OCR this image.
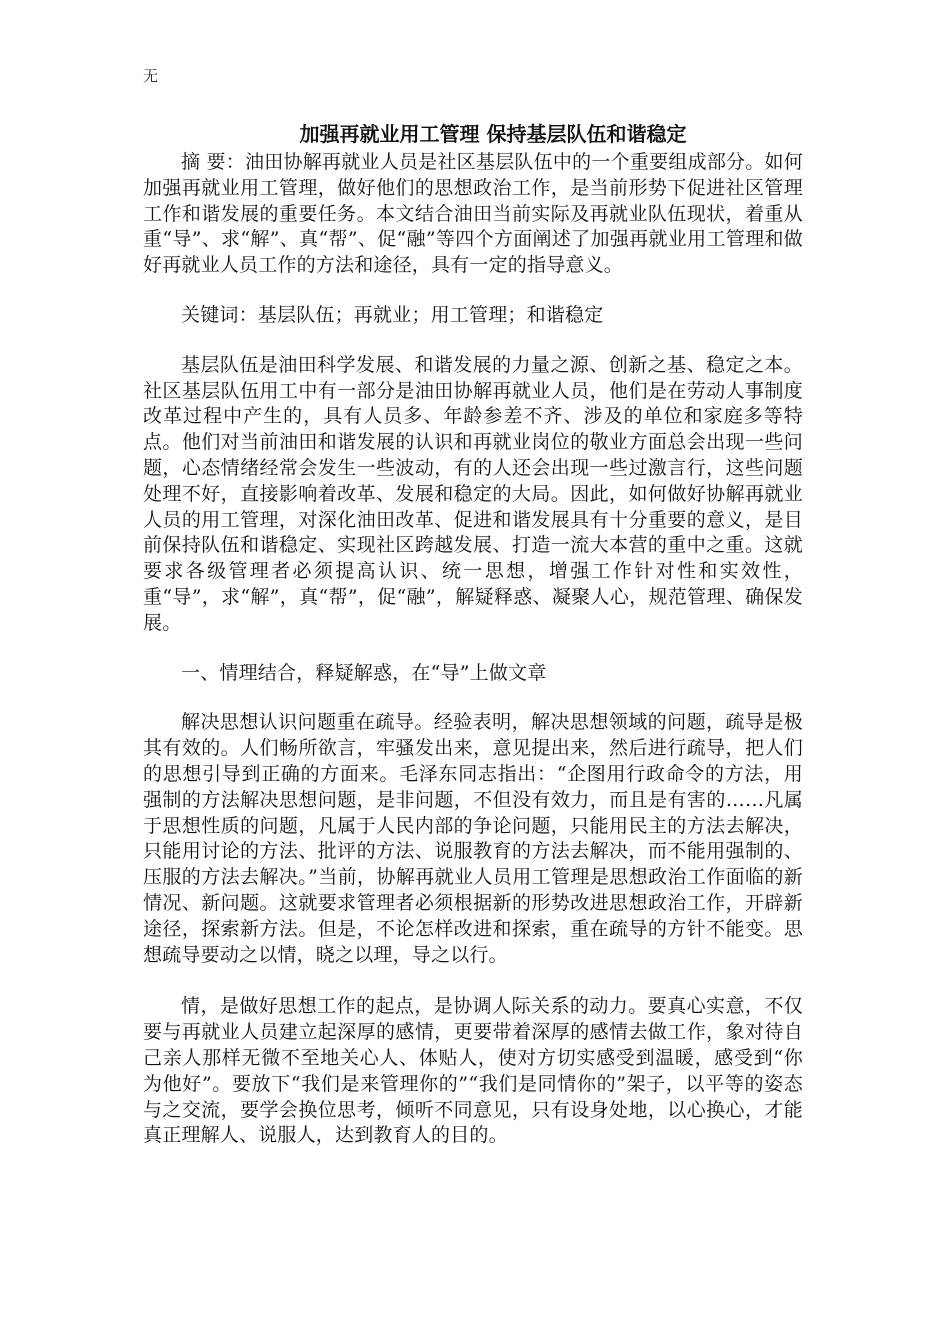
无
加强再就业用工管理 保持基层队伍和谐稳定

摘 要：油田协解再就业人员是社区基层队伍中的一个重要组成部分。如何加强再就业用工管理，做好他们的思想政治工作，是当前形势下促进社区管理工作和谐发展的重要任务。本文结合油田当前实际及再就业队伍现状，着重从重“导”、求“解”、真“帮”、促“融”等四个方面阐述了加强再就业用工管理和做好再就业人员工作的方法和途径，具有一定的指导意义。

关键词：基层队伍；再就业；用工管理；和谐稳定

基层队伍是油田科学发展、和谐发展的力量之源、创新之基、稳定之本。社区基层队伍用工中有一部分是油田协解再就业人员，他们是在劳动人事制度改革过程中产生的，具有人员多、年龄参差不齐、涉及的单位和家庭多等特点。他们对当前油田和谐发展的认识和再就业岗位的敬业方面总会出现一些问题，心态情绪经常会发生一些波动，有的人还会出现一些过激言行，这些问题处理不好，直接影响着改革、发展和稳定的大局。因此，如何做好协解再就业人员的用工管理，对深化油田改革、促进和谐发展具有十分重要的意义，是目前保持队伍和谐稳定、实现社区跨越发展、打造一流大本营的重中之重。这就要求各级管理者必须提高认识、统一思想，增强工作针对性和实效性，重“导”，求“解”，真“帮”，促“融”，解疑释惑、凝聚人心，规范管理、确保发展。

一、情理结合，释疑解惑，在“导”上做文章

解决思想认识问题重在疏导。经验表明，解决思想领域的问题，疏导是极其有效的。人们畅所欲言，牢骚发出来，意见提出来，然后进行疏导，把人们的思想引导到正确的方面来。毛泽东同志指出：“企图用行政命令的方法，用强制的方法解决思想问题，是非问题，不但没有效力，而且是有害的……凡属于思想性质的问题，凡属于人民内部的争论问题，只能用民主的方法去解决，只能用讨论的方法、批评的方法、说服教育的方法去解决，而不能用强制的、压服的方法去解决。”当前，协解再就业人员用工管理是思想政治工作面临的新情况、新问题。这就要求管理者必须根据新的形势改进思想政治工作，开辟新途径，探索新方法。但是，不论怎样改进和探索，重在疏导的方针不能变。思想疏导要动之以情，晓之以理，导之以行。

情，是做好思想工作的起点，是协调人际关系的动力。要真心实意，不仅要与再就业人员建立起深厚的感情，更要带着深厚的感情去做工作，象对待自己亲人那样无微不至地关心人、体贴人，使对方切实感受到温暖，感受到“你为他好”。要放下“我们是来管理你的”“我们是同情你的”架子，以平等的姿态与之交流，要学会换位思考，倾听不同意见，只有设身处地，以心换心，才能真正理解人、说服人，达到教育人的目的。
